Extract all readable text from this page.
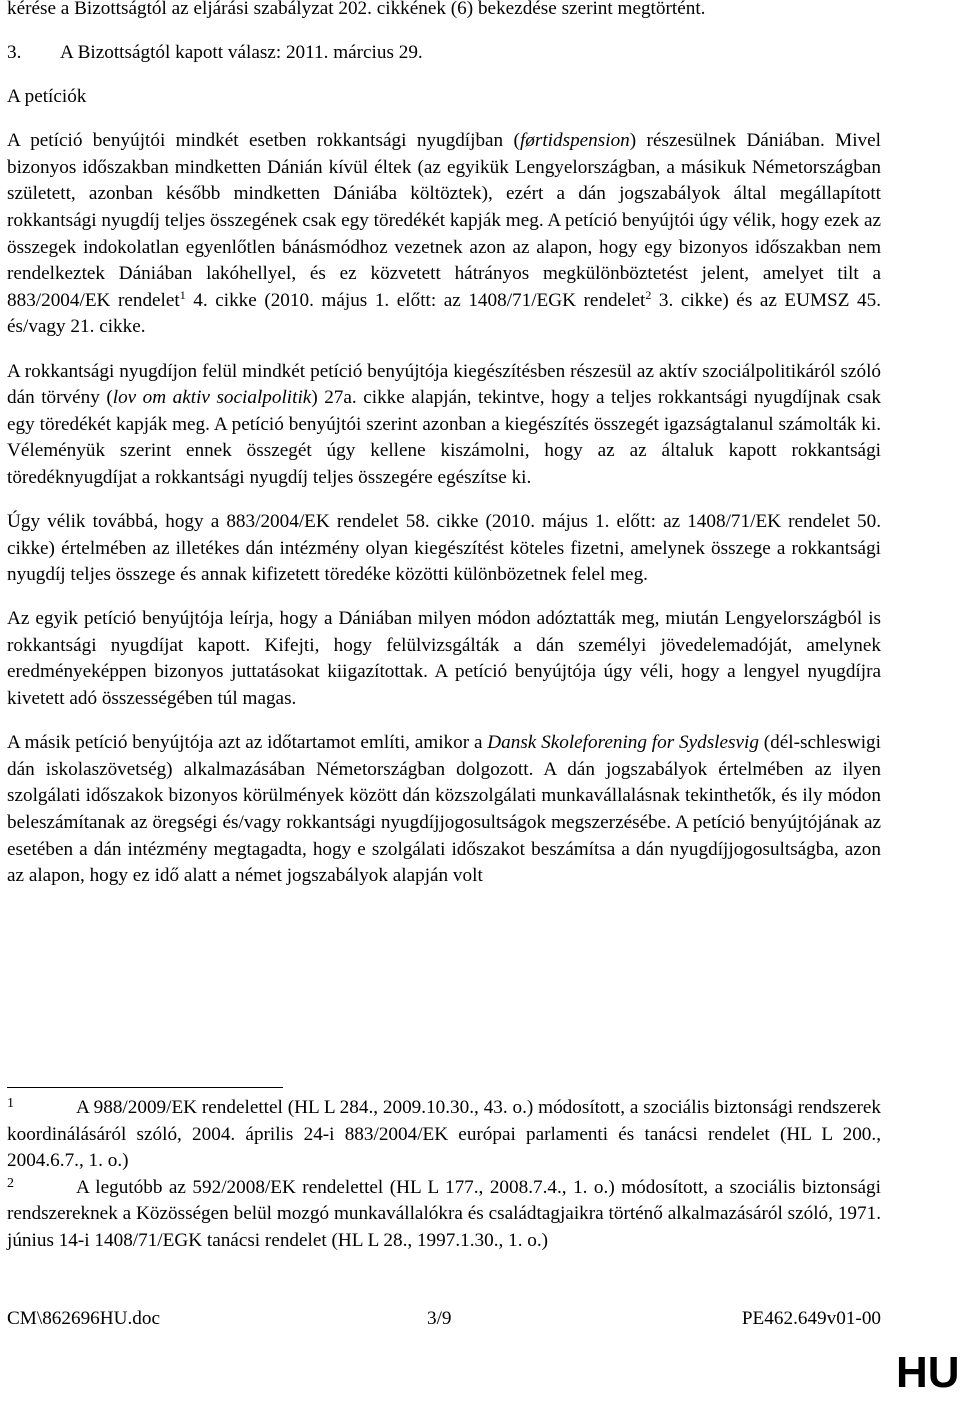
kérése a Bizottságtól az eljárási szabályzat 202. cikkének (6) bekezdése szerint megtörtént.

3. A Bizottságtól kapott válasz: 2011. március 29.

A petíciók

A petíció benyújtói mindkét esetben rokkantsági nyugdíjban (førtidspension) részesülnek Dániában. Mivel bizonyos időszakban mindketten Dánián kívül éltek (az egyikük Lengyelországban, a másikuk Németországban született, azonban később mindketten Dániába költöztek), ezért a dán jogszabályok által megállapított rokkantsági nyugdíj teljes összegének csak egy töredékét kapják meg. A petíció benyújtói úgy vélik, hogy ezek az összegek indokolatlan egyenlőtlen bánásmódhoz vezetnek azon az alapon, hogy egy bizonyos időszakban nem rendelkeztek Dániában lakóhellyel, és ez közvetett hátrányos megkülönböztetést jelent, amelyet tilt a 883/2004/EK rendelet$^1$ 4. cikke (2010. május 1. előtt: az 1408/71/EGK rendelet$^2$ 3. cikke) és az EUMSZ 45. és/vagy 21. cikke.

A rokkantsági nyugdíjon felül mindkét petíció benyújtója kiegészítésben részesül az aktív szociálpolitikáról szóló dán törvény (lov om aktiv socialpolitik) 27a. cikke alapján, tekintve, hogy a teljes rokkantsági nyugdíjnak csak egy töredékét kapják meg. A petíció benyújtói szerint azonban a kiegészítés összegét igazságtalanul számolták ki. Véleményük szerint ennek összegét úgy kellene kiszámolni, hogy az az általuk kapott rokkantsági töredéknyugdíjat a rokkantsági nyugdíj teljes összegére egészítse ki.

Úgy vélik továbbá, hogy a 883/2004/EK rendelet 58. cikke (2010. május 1. előtt: az 1408/71/EK rendelet 50. cikke) értelmében az illetékes dán intézmény olyan kiegészítést köteles fizetni, amelynek összege a rokkantsági nyugdíj teljes összege és annak kifizetett töredéke közötti különbözetnek felel meg.

Az egyik petíció benyújtója leírja, hogy a Dániában milyen módon adóztatták meg, miután Lengyelországból is rokkantsági nyugdíjat kapott. Kifejti, hogy felülvizsgálták a dán személyi jövedelemadóját, amelynek eredményeképpen bizonyos juttatásokat kiigazítottak. A petíció benyújtója úgy véli, hogy a lengyel nyugdíjra kivetett adó összességében túl magas.

A másik petíció benyújtója azt az időtartamot említi, amikor a Dansk Skoleforening for Sydslesvig (dél-schleswigi dán iskolaszövetség) alkalmazásában Németországban dolgozott. A dán jogszabályok értelmében az ilyen szolgálati időszakok bizonyos körülmények között dán közszolgálati munkavállalásnak tekinthetők, és ily módon beleszámítanak az öregségi és/vagy rokkantsági nyugdíjjogosultságok megszerzésébe. A petíció benyújtójának az esetében a dán intézmény megtagadta, hogy e szolgálati időszakot beszámítsa a dán nyugdíjjogosultságba, azon az alapon, hogy ez idő alatt a német jogszabályok alapján volt

1	A 988/2009/EK rendelettel (HL L 284., 2009.10.30., 43. o.) módosított, a szociális biztonsági rendszerek koordinálásáról szóló, 2004. április 24-i 883/2004/EK európai parlamenti és tanácsi rendelet (HL L 200., 2004.6.7., 1. o.)

2	A legutóbb az 592/2008/EK rendelettel (HL L 177., 2008.7.4., 1. o.) módosított, a szociális biztonsági rendszereknek a Közösségen belül mozgó munkavállalókra és családtagjaikra történő alkalmazásáról szóló, 1971. június 14-i 1408/71/EGK tanácsi rendelet (HL L 28., 1997.1.30., 1. o.)

CM\862696HU.doc	3/9	PE462.649v01-00
HU
